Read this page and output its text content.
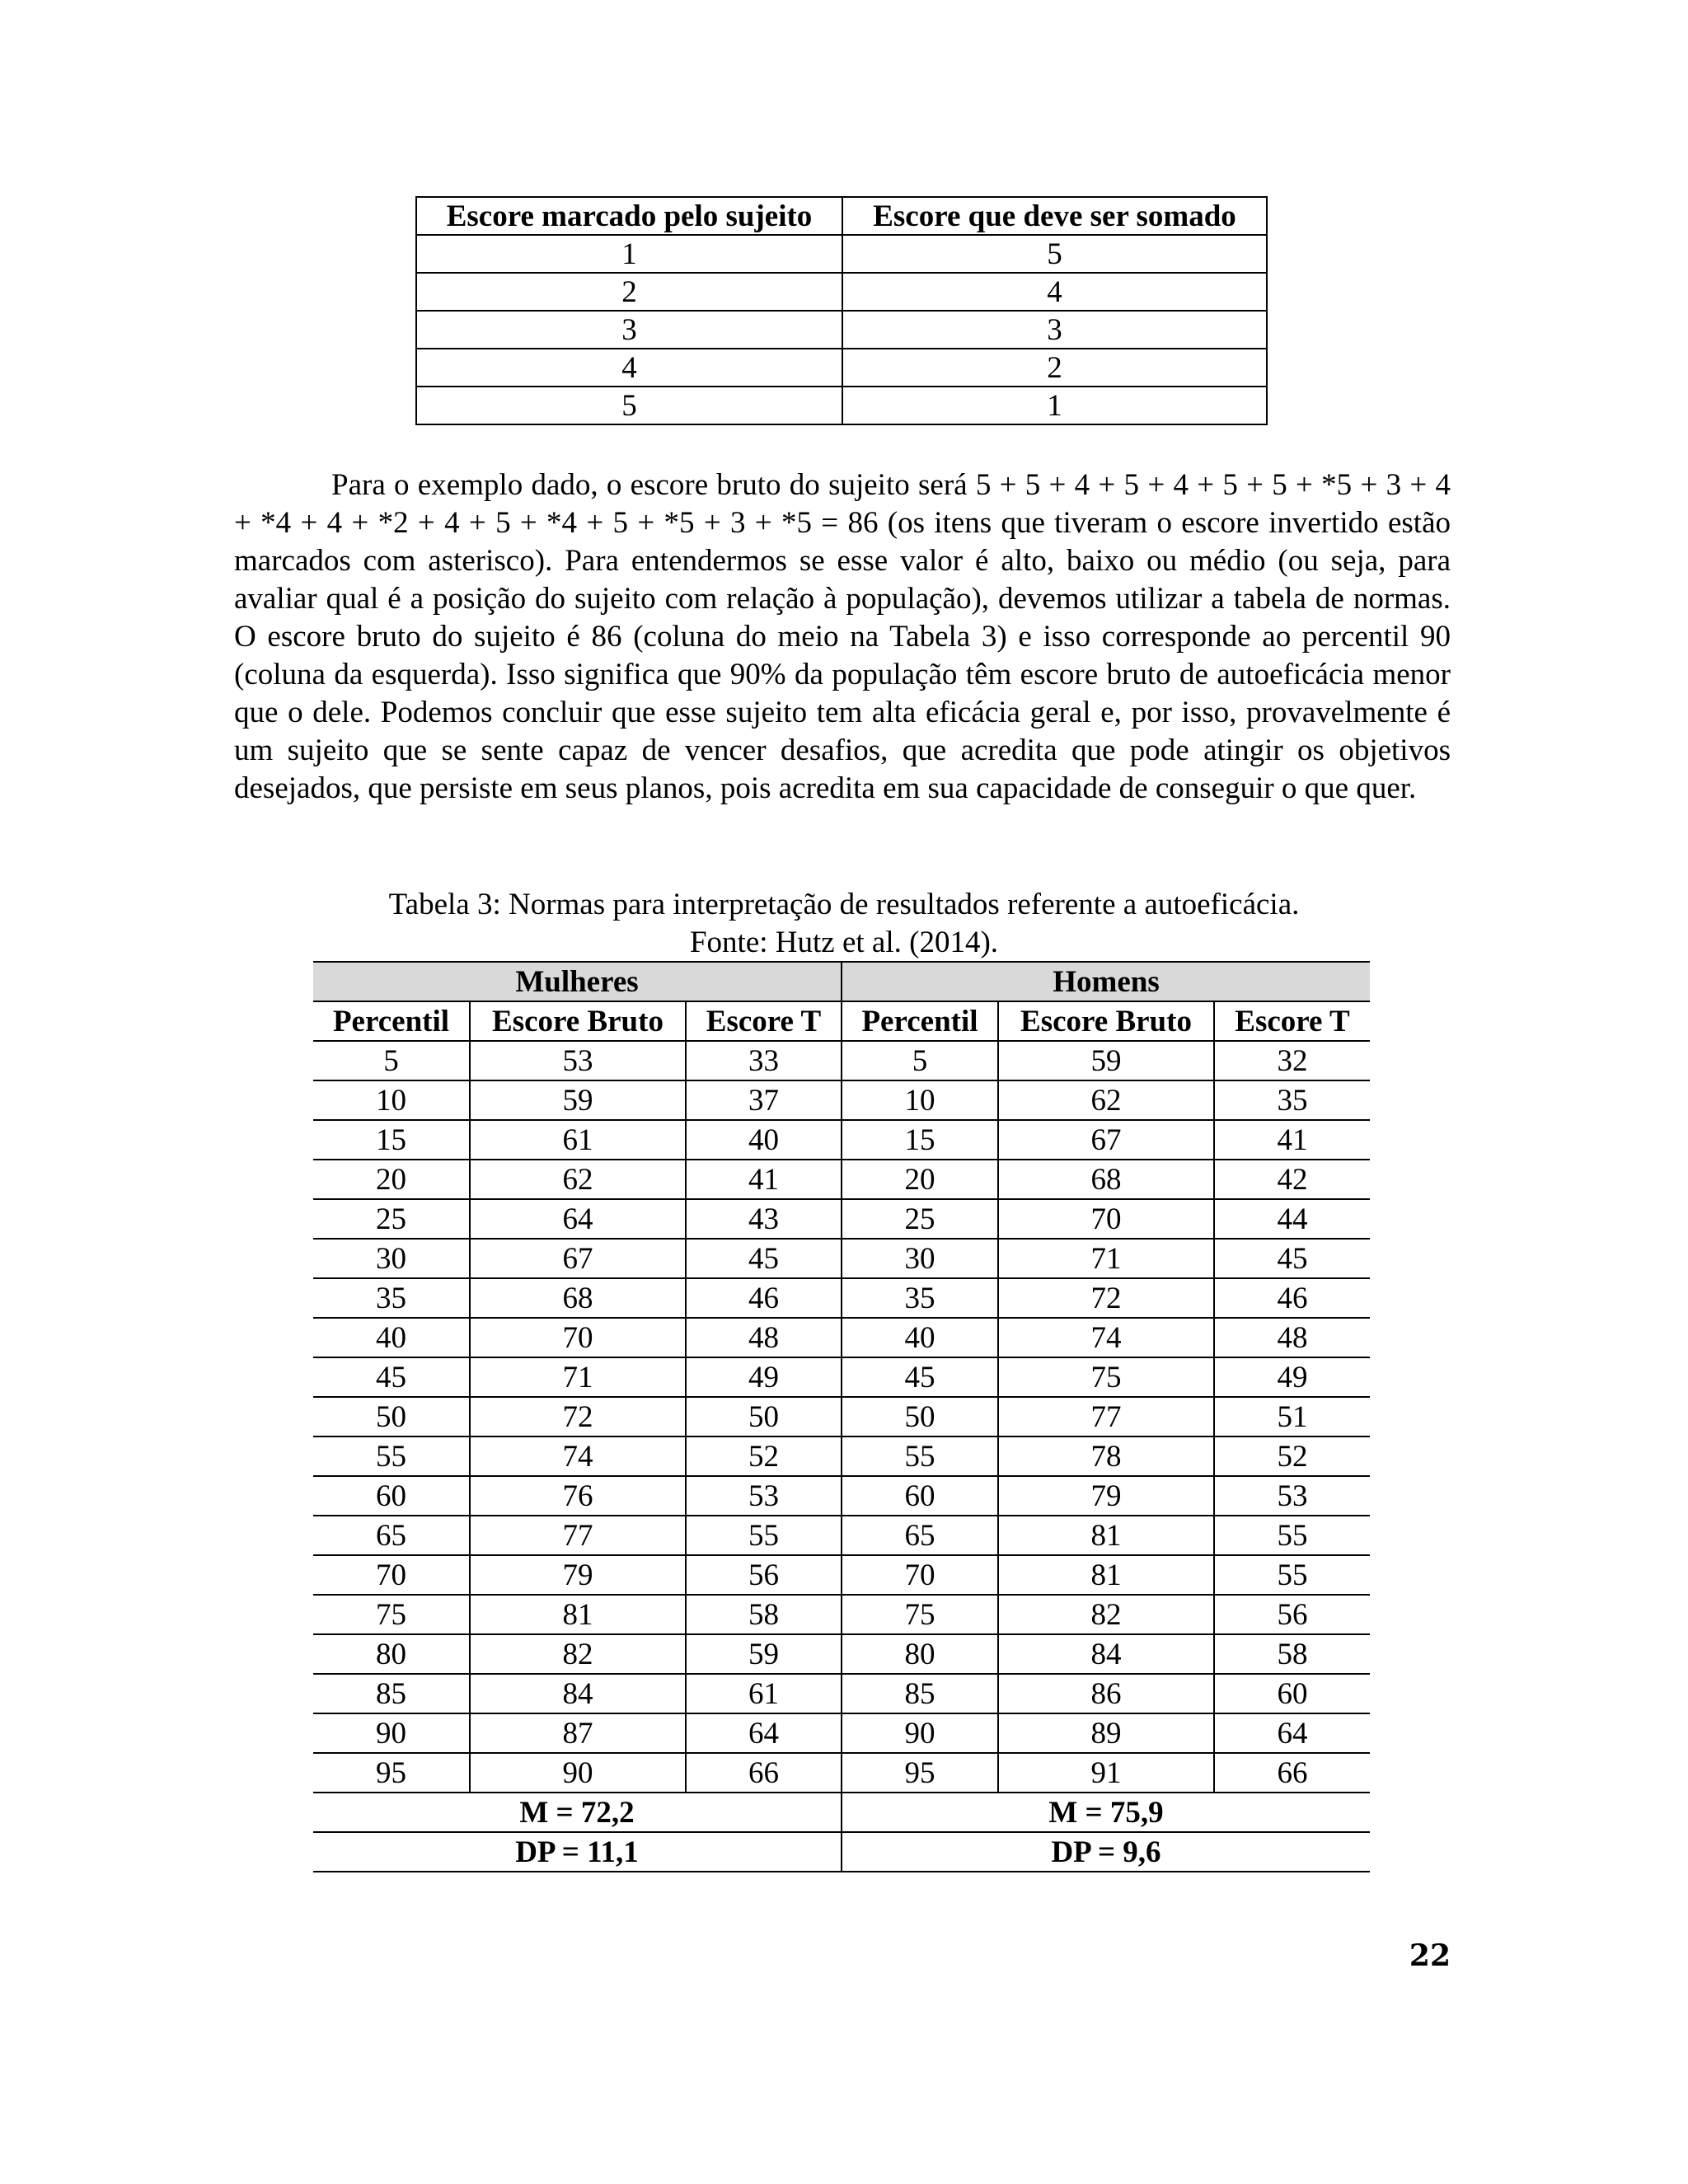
Escore marcado pelo sujeito	Escore que deve ser somado
1	5
2	4
3	3
4	2
5	1

Para o exemplo dado, o escore bruto do sujeito será 5 + 5 + 4 + 5 + 4 + 5 + 5 + *5 + 3 + 4 + *4 + 4 + *2 + 4 + 5 + *4 + 5 + *5 + 3 + *5 = 86 (os itens que tiveram o escore invertido estão marcados com asterisco). Para entendermos se esse valor é alto, baixo ou médio (ou seja, para avaliar qual é a posição do sujeito com relação à população), devemos utilizar a tabela de normas. O escore bruto do sujeito é 86 (coluna do meio na Tabela 3) e isso corresponde ao percentil 90 (coluna da esquerda). Isso significa que 90% da população têm escore bruto de autoeficácia menor que o dele. Podemos concluir que esse sujeito tem alta eficácia geral e, por isso, provavelmente é um sujeito que se sente capaz de vencer desafios, que acredita que pode atingir os objetivos desejados, que persiste em seus planos, pois acredita em sua capacidade de conseguir o que quer.

Tabela 3: Normas para interpretação de resultados referente a autoeficácia.

Fonte: Hutz et al. (2014).

Mulheres			Homens		
Percentil	Escore Bruto	Escore T	Percentil	Escore Bruto	Escore T
5	53	33	5	59	32
10	59	37	10	62	35
15	61	40	15	67	41
20	62	41	20	68	42
25	64	43	25	70	44
30	67	45	30	71	45
35	68	46	35	72	46
40	70	48	40	74	48
45	71	49	45	75	49
50	72	50	50	77	51
55	74	52	55	78	52
60	76	53	60	79	53
65	77	55	65	81	55
70	79	56	70	81	55
75	81	58	75	82	56
80	82	59	80	84	58
85	84	61	85	86	60
90	87	64	90	89	64
95	90	66	95	91	66
M = 72,2			M = 75,9		
DP = 11,1			DP = 9,6		
22
